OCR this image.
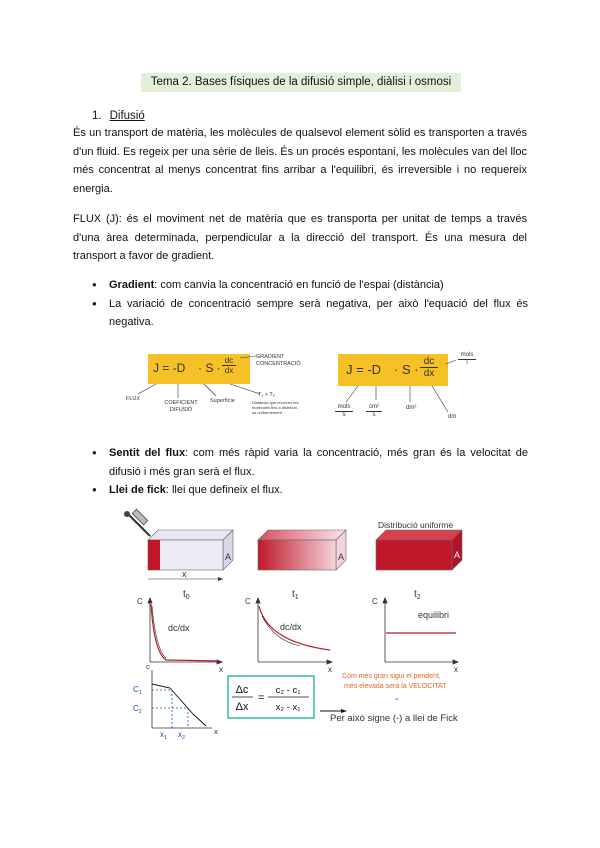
Tema 2. Bases físiques de la difusió simple, diàlisi i osmosi
1. Difusió
És un transport de matèria, les molècules de qualsevol element sòlid es transporten a través d'un fluid. Es regeix per una sèrie de lleis. És un procés espontani, les molècules van del lloc més concentrat al menys concentrat fins arribar a l'equilibri, és irreversible i no requereix energia.
FLUX (J): és el moviment net de matèria que es transporta per unitat de temps a través d'una àrea determinada, perpendicular a la direcció del transport. És una mesura del transport a favor de gradient.
● Gradient: com canvia la concentració en funció de l'espai (distància)
● La variació de concentració sempre serà negativa, per això l'equació del flux és negativa.
$J = -D \cdot S \cdot \frac{dc}{dx}$	GRADIENT CONCENTRACIÓ
FLUX
COEFICIENT DIFUSIÓ
Superfície
T₁ > T₂
Distància que recorren les molècules fins a distribuir-se uniformement
$J = -D \cdot S \cdot \frac{dc}{dx}$
mols
l
mols
s	$\frac{\text{cm²}}{s}$	dm²
dm
● Sentit del flux: com més ràpid varia la concentració, més gran és la velocitat de difusió i més gran serà el flux.
● Llei de fick: llei que defineix el flux.
A
x
A	A
Distribució uniforme
$t_0$	$t_1$	$t_2$
C
x
dc/dx
C
x
dc/dx
C
x
equilibri
c
x
$C_1$
$C_2$
$x_1$ $x_2$
Δc
Δx
=
c₂ - c₁
x₂ - x₁
Com més gran sigui el pendent,
més elevada serà la VELOCITAT
-
Per això signe (-) a llei de Fick
